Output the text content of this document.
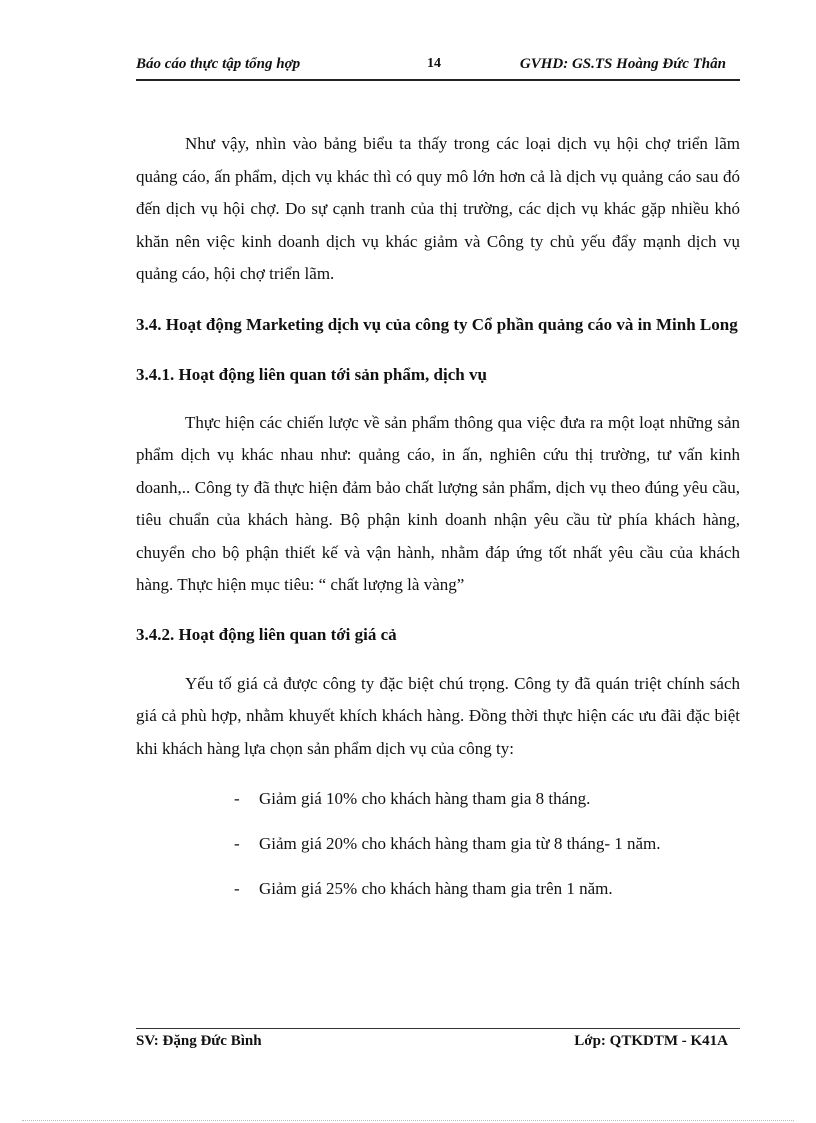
Báo cáo thực tập tổng hợp	14	GVHD: GS.TS Hoàng Đức Thân

Như vậy, nhìn vào bảng biểu ta thấy trong các loại dịch vụ hội chợ triển lãm quảng cáo, ấn phẩm, dịch vụ khác thì có quy mô lớn hơn cả là dịch vụ quảng cáo sau đó đến dịch vụ hội chợ. Do sự cạnh tranh của thị trường, các dịch vụ khác gặp nhiều khó khăn nên việc kinh doanh dịch vụ khác giảm và Công ty chủ yếu đẩy mạnh dịch vụ quảng cáo, hội chợ triển lãm.

3.4. Hoạt động Marketing dịch vụ của công ty Cổ phần quảng cáo và in Minh Long

3.4.1. Hoạt động liên quan tới sản phẩm, dịch vụ

Thực hiện các chiến lược về sản phẩm thông qua việc đưa ra một loạt những sản phẩm dịch vụ khác nhau như: quảng cáo, in ấn, nghiên cứu thị trường, tư vấn kinh doanh,.. Công ty đã thực hiện đảm bảo chất lượng sản phẩm, dịch vụ theo đúng yêu cầu, tiêu chuẩn của khách hàng. Bộ phận kinh doanh nhận yêu cầu từ phía khách hàng, chuyển cho bộ phận thiết kế và vận hành, nhằm đáp ứng tốt nhất yêu cầu của khách hàng. Thực hiện mục tiêu: “ chất lượng là vàng”

3.4.2. Hoạt động liên quan tới giá cả

Yếu tố giá cả được công ty đặc biệt chú trọng. Công ty đã quán triệt chính sách giá cả phù hợp, nhằm khuyết khích khách hàng. Đồng thời thực hiện các ưu đãi đặc biệt khi khách hàng lựa chọn sản phẩm dịch vụ của công ty:

- Giảm giá 10% cho khách hàng tham gia 8 tháng.
- Giảm giá 20% cho khách hàng tham gia từ 8 tháng- 1 năm.
- Giảm giá 25% cho khách hàng tham gia trên 1 năm.
SV: Đặng Đức Bình	Lớp: QTKDTM - K41A
